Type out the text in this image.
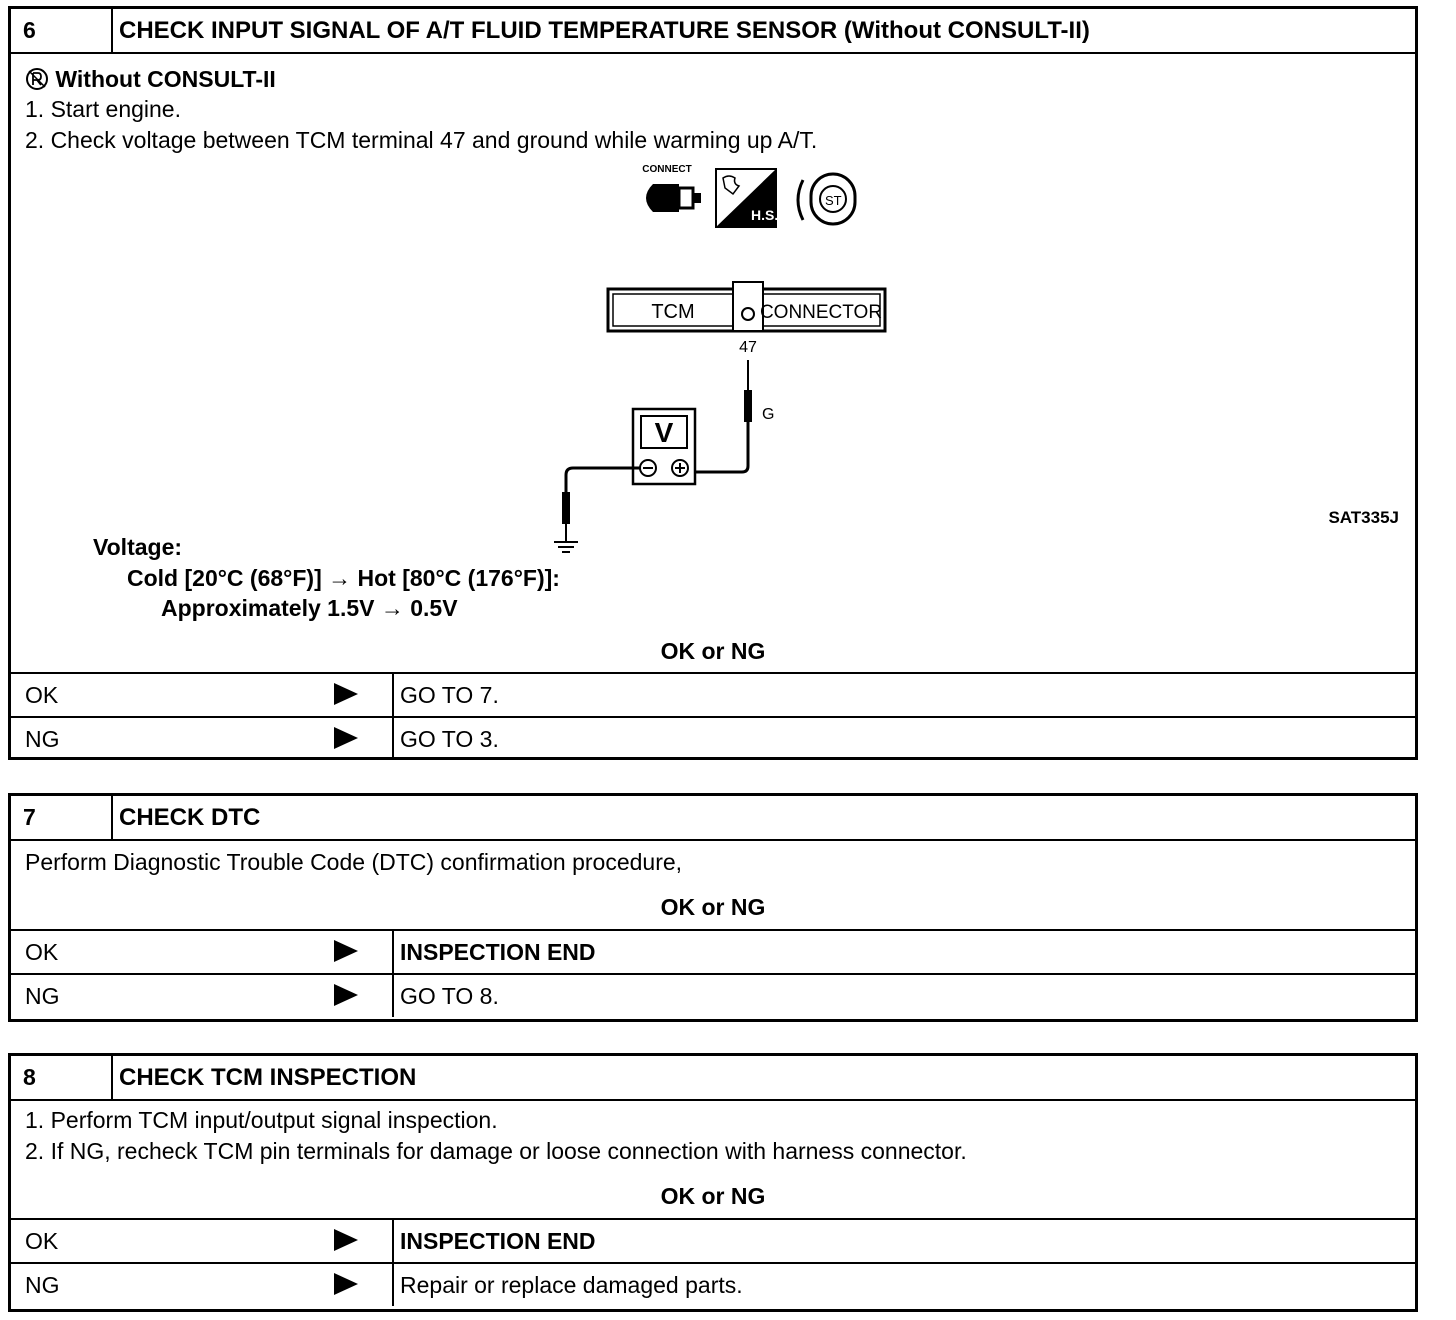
6	CHECK INPUT SIGNAL OF A/T FLUID TEMPERATURE SENSOR (Without CONSULT-II)
Without CONSULT-II
1. Start engine.
2. Check voltage between TCM terminal 47 and ground while warming up A/T.
CONNECT
H.S.
ST
TCM	CONNECTOR
47
G
V
SAT335J
Voltage:
Cold [20°C (68°F)] → Hot [80°C (176°F)]:
Approximately 1.5V → 0.5V
OK or NG
OK	GO TO 7.
NG	GO TO 3.
7	CHECK DTC
Perform Diagnostic Trouble Code (DTC) confirmation procedure,
OK or NG
OK	INSPECTION END
NG	GO TO 8.
8	CHECK TCM INSPECTION
1. Perform TCM input/output signal inspection.
2. If NG, recheck TCM pin terminals for damage or loose connection with harness connector.
OK or NG
OK	INSPECTION END
NG	Repair or replace damaged parts.
